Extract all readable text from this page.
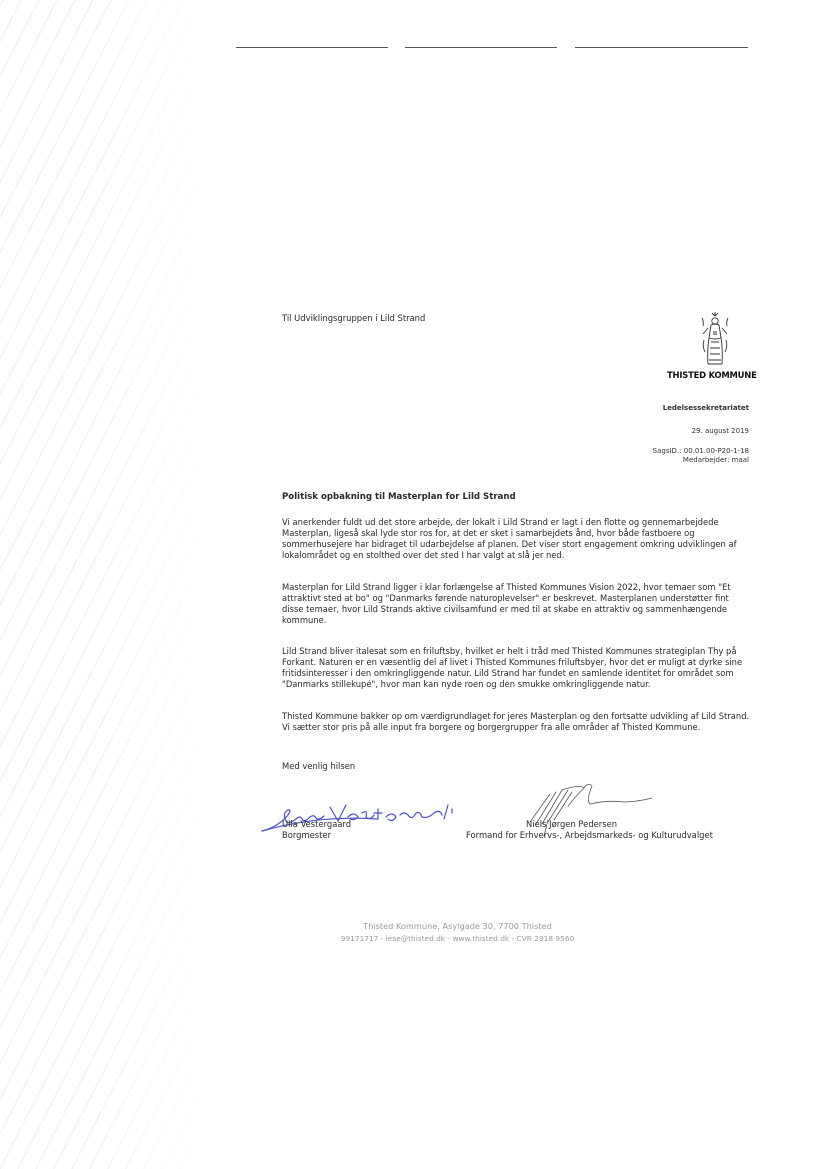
Til Udviklingsgruppen i Lild Strand
THISTED KOMMUNE
Ledelsessekretariatet
29. august 2019
SagsID.: 00.01.00-P20-1-18
Medarbejder: maal
Politisk opbakning til Masterplan for Lild Strand
Vi anerkender fuldt ud det store arbejde, der lokalt i Lild Strand er lagt i den flotte og gennemarbejdede Masterplan, ligeså skal lyde stor ros for, at det er sket i samarbejdets ånd, hvor både fastboere og sommerhusejere har bidraget til udarbejdelse af planen. Det viser stort engagement omkring udviklingen af lokalområdet og en stolthed over det sted I har valgt at slå jer ned.
Masterplan for Lild Strand ligger i klar forlængelse af Thisted Kommunes Vision 2022, hvor temaer som "Et attraktivt sted at bo" og "Danmarks førende naturoplevelser" er beskrevet. Masterplanen understøtter fint disse temaer, hvor Lild Strands aktive civilsamfund er med til at skabe en attraktiv og sammenhængende kommune.
Lild Strand bliver italesat som en friluftsby, hvilket er helt i tråd med Thisted Kommunes strategiplan Thy på Forkant. Naturen er en væsentlig del af livet i Thisted Kommunes friluftsbyer, hvor det er muligt at dyrke sine fritidsinteresser i den omkringliggende natur. Lild Strand har fundet en samlende identitet for området som "Danmarks stillekupé", hvor man kan nyde roen og den smukke omkringliggende natur.
Thisted Kommune bakker op om værdigrundlaget for jeres Masterplan og den fortsatte udvikling af Lild Strand. Vi sætter stor pris på alle input fra borgere og borgergrupper fra alle områder af Thisted Kommune.
Med venlig hilsen
Ulla Vestergaard
Borgmester
Niels Jørgen Pedersen
Formand for Erhvervs-, Arbejdsmarkeds- og Kulturudvalget
Thisted Kommune, Asylgade 30, 7700 Thisted
99171717 - lese@thisted.dk - www.thisted.dk - CVR 2918 9560
